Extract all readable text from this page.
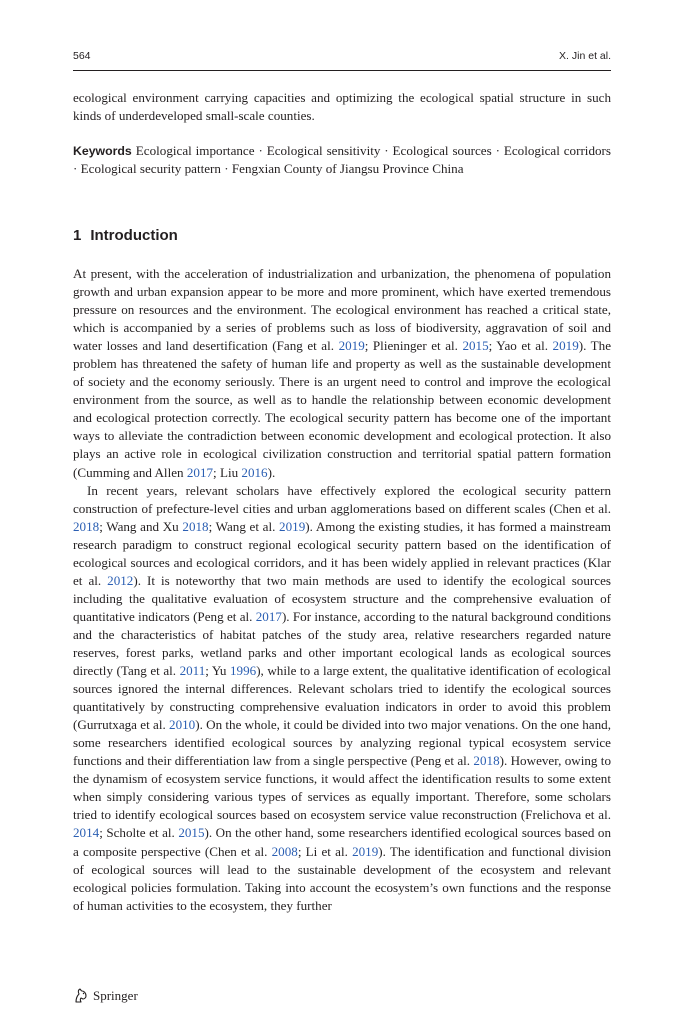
564	X. Jin et al.

ecological environment carrying capacities and optimizing the ecological spatial structure in such kinds of underdeveloped small-scale counties.

Keywords Ecological importance · Ecological sensitivity · Ecological sources · Ecological corridors · Ecological security pattern · Fengxian County of Jiangsu Province China

1 Introduction

At present, with the acceleration of industrialization and urbanization, the phenomena of population growth and urban expansion appear to be more and more prominent, which have exerted tremendous pressure on resources and the environment. The ecological environment has reached a critical state, which is accompanied by a series of problems such as loss of biodiversity, aggravation of soil and water losses and land desertification (Fang et al. 2019; Plieninger et al. 2015; Yao et al. 2019). The problem has threatened the safety of human life and property as well as the sustainable development of society and the economy seriously. There is an urgent need to control and improve the ecological environment from the source, as well as to handle the relationship between economic development and ecological protection correctly. The ecological security pattern has become one of the important ways to alleviate the contradiction between economic development and ecological protection. It also plays an active role in ecological civilization construction and territorial spatial pattern formation (Cumming and Allen 2017; Liu 2016).

In recent years, relevant scholars have effectively explored the ecological security pattern construction of prefecture-level cities and urban agglomerations based on different scales (Chen et al. 2018; Wang and Xu 2018; Wang et al. 2019). Among the existing studies, it has formed a mainstream research paradigm to construct regional ecological security pattern based on the identification of ecological sources and ecological corridors, and it has been widely applied in relevant practices (Klar et al. 2012). It is noteworthy that two main methods are used to identify the ecological sources including the qualitative evaluation of ecosystem structure and the comprehensive evaluation of quantitative indicators (Peng et al. 2017). For instance, according to the natural background conditions and the characteristics of habitat patches of the study area, relative researchers regarded nature reserves, forest parks, wetland parks and other important ecological lands as ecological sources directly (Tang et al. 2011; Yu 1996), while to a large extent, the qualitative identification of ecological sources ignored the internal differences. Relevant scholars tried to identify the ecological sources quantitatively by constructing comprehensive evaluation indicators in order to avoid this problem (Gurrutxaga et al. 2010). On the whole, it could be divided into two major venations. On the one hand, some researchers identified ecological sources by analyzing regional typical ecosystem service functions and their differentiation law from a single perspective (Peng et al. 2018). However, owing to the dynamism of ecosystem service functions, it would affect the identification results to some extent when simply considering various types of services as equally important. Therefore, some scholars tried to identify ecological sources based on ecosystem service value reconstruction (Frelichova et al. 2014; Scholte et al. 2015). On the other hand, some researchers identified ecological sources based on a composite perspective (Chen et al. 2008; Li et al. 2019). The identification and functional division of ecological sources will lead to the sustainable development of the ecosystem and relevant ecological policies formulation. Taking into account the ecosystem’s own functions and the response of human activities to the ecosystem, they further

Springer
